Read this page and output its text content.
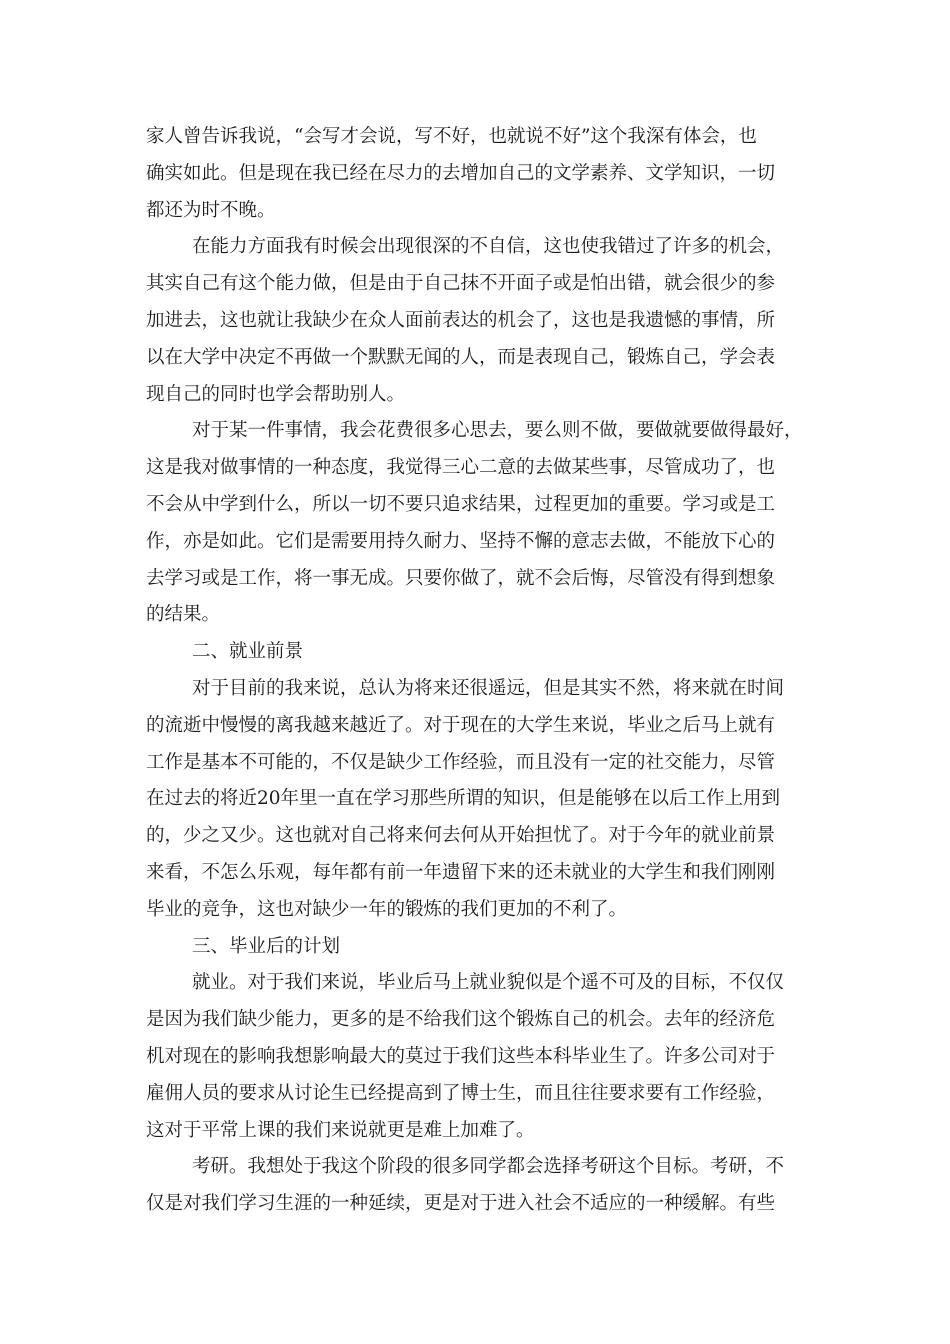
家人曾告诉我说，“会写才会说，写不好，也就说不好”这个我深有体会，也
确实如此。但是现在我已经在尽力的去增加自己的文学素养、文学知识，一切
都还为时不晚。
在能力方面我有时候会出现很深的不自信，这也使我错过了许多的机会，
其实自己有这个能力做，但是由于自己抹不开面子或是怕出错，就会很少的参
加进去，这也就让我缺少在众人面前表达的机会了，这也是我遗憾的事情，所
以在大学中决定不再做一个默默无闻的人，而是表现自己，锻炼自己，学会表
现自己的同时也学会帮助别人。
对于某一件事情，我会花费很多心思去，要么则不做，要做就要做得最好，
这是我对做事情的一种态度，我觉得三心二意的去做某些事，尽管成功了，也
不会从中学到什么，所以一切不要只追求结果，过程更加的重要。学习或是工
作，亦是如此。它们是需要用持久耐力、坚持不懈的意志去做，不能放下心的
去学习或是工作，将一事无成。只要你做了，就不会后悔，尽管没有得到想象
的结果。
二、就业前景
对于目前的我来说，总认为将来还很遥远，但是其实不然，将来就在时间
的流逝中慢慢的离我越来越近了。对于现在的大学生来说，毕业之后马上就有
工作是基本不可能的，不仅是缺少工作经验，而且没有一定的社交能力，尽管
在过去的将近20年里一直在学习那些所谓的知识，但是能够在以后工作上用到
的，少之又少。这也就对自己将来何去何从开始担忧了。对于今年的就业前景
来看，不怎么乐观，每年都有前一年遗留下来的还未就业的大学生和我们刚刚
毕业的竞争，这也对缺少一年的锻炼的我们更加的不利了。
三、毕业后的计划
就业。对于我们来说，毕业后马上就业貌似是个遥不可及的目标，不仅仅
是因为我们缺少能力，更多的是不给我们这个锻炼自己的机会。去年的经济危
机对现在的影响我想影响最大的莫过于我们这些本科毕业生了。许多公司对于
雇佣人员的要求从讨论生已经提高到了博士生，而且往往要求要有工作经验，
这对于平常上课的我们来说就更是难上加难了。
考研。我想处于我这个阶段的很多同学都会选择考研这个目标。考研，不
仅是对我们学习生涯的一种延续，更是对于进入社会不适应的一种缓解。有些
